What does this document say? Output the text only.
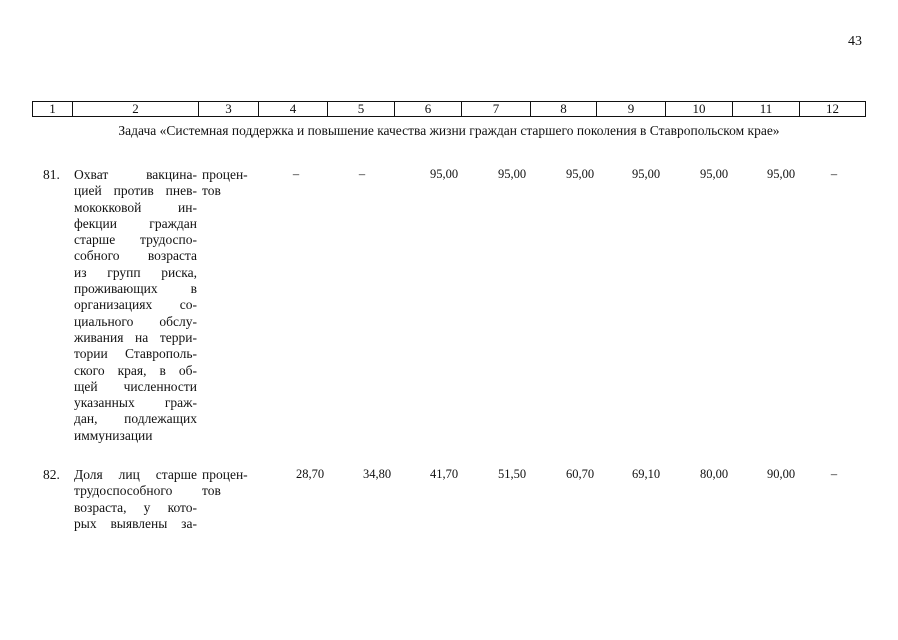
43
1	2	3	4	5	6	7	8	9	10	11	12
Задача «Системная поддержка и повышение качества жизни граждан старшего поколения в Ставропольском крае»
81. Охват вакцина-
цией против пнев-
мококковой ин-
фекции граждан
старше трудоспо-
собного возраста
из групп риска,
проживающих в
организациях со-
циального обслу-
живания на терри-
тории Ставрополь-
ского края, в об-
щей численности
указанных граж-
дан, подлежащих
иммунизации
процен-
тов
–	–	95,00	95,00	95,00	95,00	95,00	95,00	–
82. Доля лиц старше
трудоспособного
возраста, у кото-
рых выявлены за-
процен-
тов
28,70	34,80	41,70	51,50	60,70	69,10	80,00	90,00	–
